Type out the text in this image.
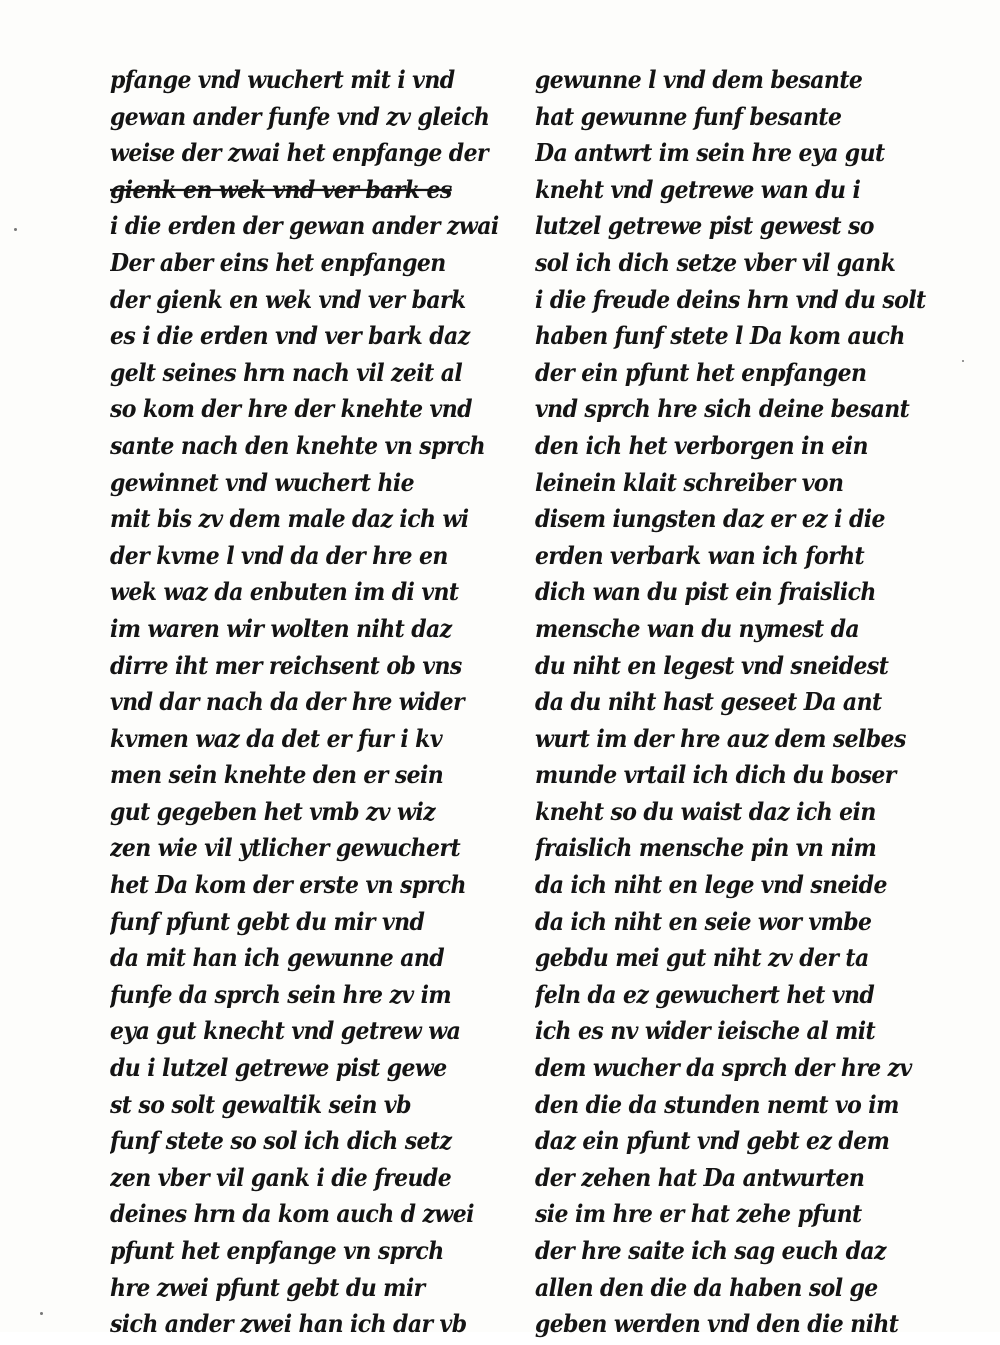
pfange vnd wuchert mit i vnd
gewan ander funfe vnd zv gleich
weise der zwai het enpfange der
gienk en wek vnd ver bark es
i die erden der gewan ander zwai
Der aber eins het enpfangen
der gienk en wek vnd ver bark
es i die erden vnd ver bark daz
gelt seines hrn nach vil zeit al
so kom der hre der knehte vnd
sante nach den knehte vn sprch
gewinnet vnd wuchert hie
mit bis zv dem male daz ich wi
der kvme l vnd da der hre en
wek waz da enbuten im di vnt
im waren wir wolten niht daz
dirre iht mer reichsent ob vns
vnd dar nach da der hre wider
kvmen waz da det er fur i kv
men sein knehte den er sein
gut gegeben het vmb zv wiz
zen wie vil ytlicher gewuchert
het Da kom der erste vn sprch
funf pfunt gebt du mir vnd
da mit han ich gewunne and
funfe da sprch sein hre zv im
eya gut knecht vnd getrew wa
du i lutzel getrewe pist gewe
st so solt gewaltik sein vb
funf stete so sol ich dich setz
zen vber vil gank i die freude
deines hrn da kom auch d zwei
pfunt het enpfange vn sprch
hre zwei pfunt gebt du mir
sich ander zwei han ich dar vb
gewunne l vnd dem besante
hat gewunne funf besante
Da antwrt im sein hre eya gut
kneht vnd getrewe wan du i
lutzel getrewe pist gewest so
sol ich dich setze vber vil gank
i die freude deins hrn vnd du solt
haben funf stete l Da kom auch
der ein pfunt het enpfangen
vnd sprch hre sich deine besant
den ich het verborgen in ein
leinein klait schreiber von
disem iungsten daz er ez i die
erden verbark wan ich forht
dich wan du pist ein fraislich
mensche wan du nymest da
du niht en legest vnd sneidest
da du niht hast geseet Da ant
wurt im der hre auz dem selbes
munde vrtail ich dich du boser
kneht so du waist daz ich ein
fraislich mensche pin vn nim
da ich niht en lege vnd sneide
da ich niht en seie wor vmbe
gebdu mei gut niht zv der ta
feln da ez gewuchert het vnd
ich es nv wider ieische al mit
dem wucher da sprch der hre zv
den die da stunden nemt vo im
daz ein pfunt vnd gebt ez dem
der zehen hat Da antwurten
sie im hre er hat zehe pfunt
der hre saite ich sag euch daz
allen den die da haben sol ge
geben werden vnd den die niht
